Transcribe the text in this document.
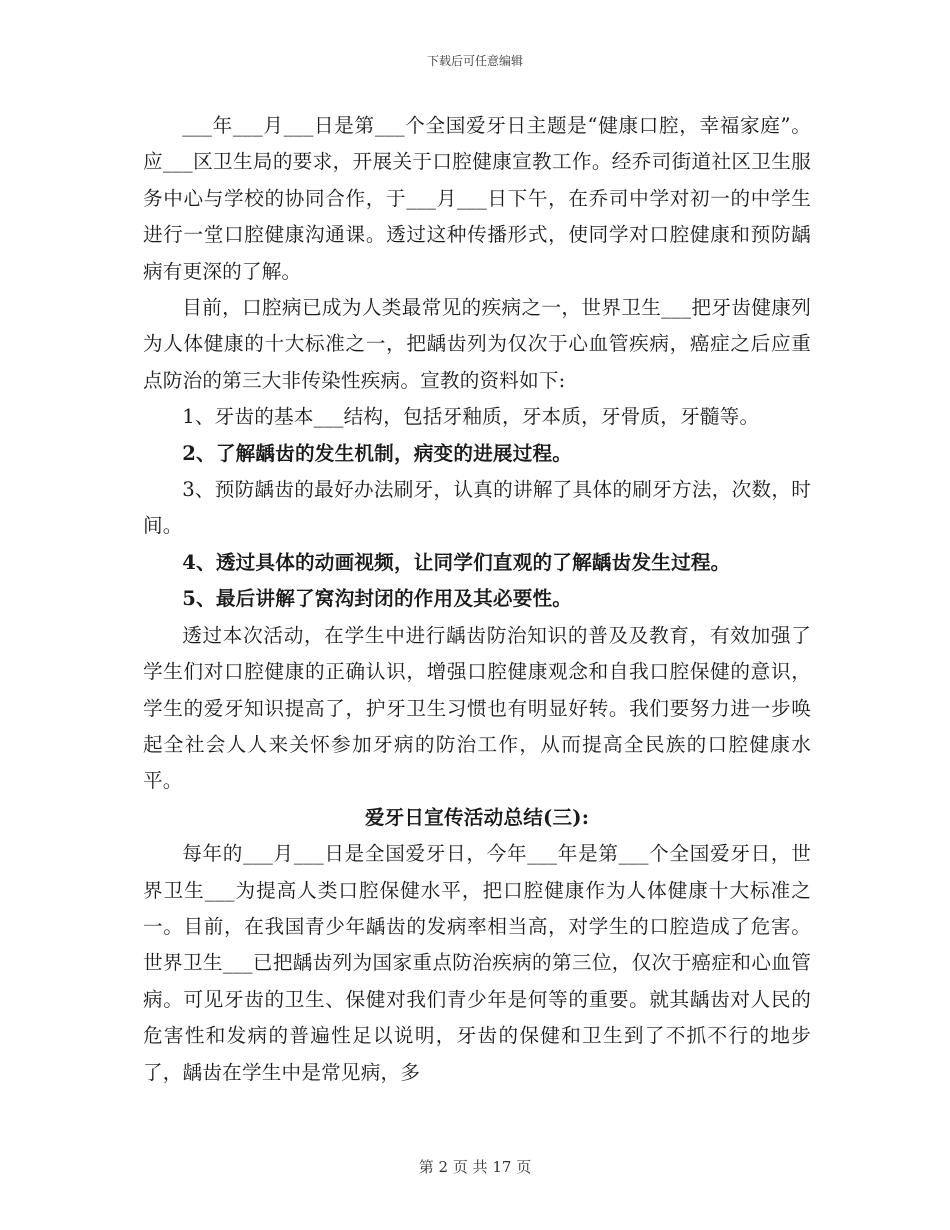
下载后可任意编辑

___年___月___日是第___个全国爱牙日主题是“健康口腔，幸福家庭”。应___区卫生局的要求，开展关于口腔健康宣教工作。经乔司街道社区卫生服务中心与学校的协同合作，于___月___日下午，在乔司中学对初一的中学生进行一堂口腔健康沟通课。透过这种传播形式，使同学对口腔健康和预防龋病有更深的了解。

目前，口腔病已成为人类最常见的疾病之一，世界卫生___把牙齿健康列为人体健康的十大标准之一，把龋齿列为仅次于心血管疾病，癌症之后应重点防治的第三大非传染性疾病。宣教的资料如下:

1、牙齿的基本___结构，包括牙釉质，牙本质，牙骨质，牙髓等。

2、了解龋齿的发生机制，病变的进展过程。

3、预防龋齿的最好办法刷牙，认真的讲解了具体的刷牙方法，次数，时间。

4、透过具体的动画视频，让同学们直观的了解龋齿发生过程。

5、最后讲解了窝沟封闭的作用及其必要性。

透过本次活动，在学生中进行龋齿防治知识的普及及教育，有效加强了学生们对口腔健康的正确认识，增强口腔健康观念和自我口腔保健的意识，学生的爱牙知识提高了，护牙卫生习惯也有明显好转。我们要努力进一步唤起全社会人人来关怀参加牙病的防治工作，从而提高全民族的口腔健康水平。

爱牙日宣传活动总结(三):

每年的___月___日是全国爱牙日，今年___年是第___个全国爱牙日，世界卫生___为提高人类口腔保健水平，把口腔健康作为人体健康十大标准之一。目前，在我国青少年龋齿的发病率相当高，对学生的口腔造成了危害。世界卫生___已把龋齿列为国家重点防治疾病的第三位，仅次于癌症和心血管病。可见牙齿的卫生、保健对我们青少年是何等的重要。就其龋齿对人民的危害性和发病的普遍性足以说明，牙齿的保健和卫生到了不抓不行的地步了，龋齿在学生中是常见病，多

第 2 页 共 17 页
